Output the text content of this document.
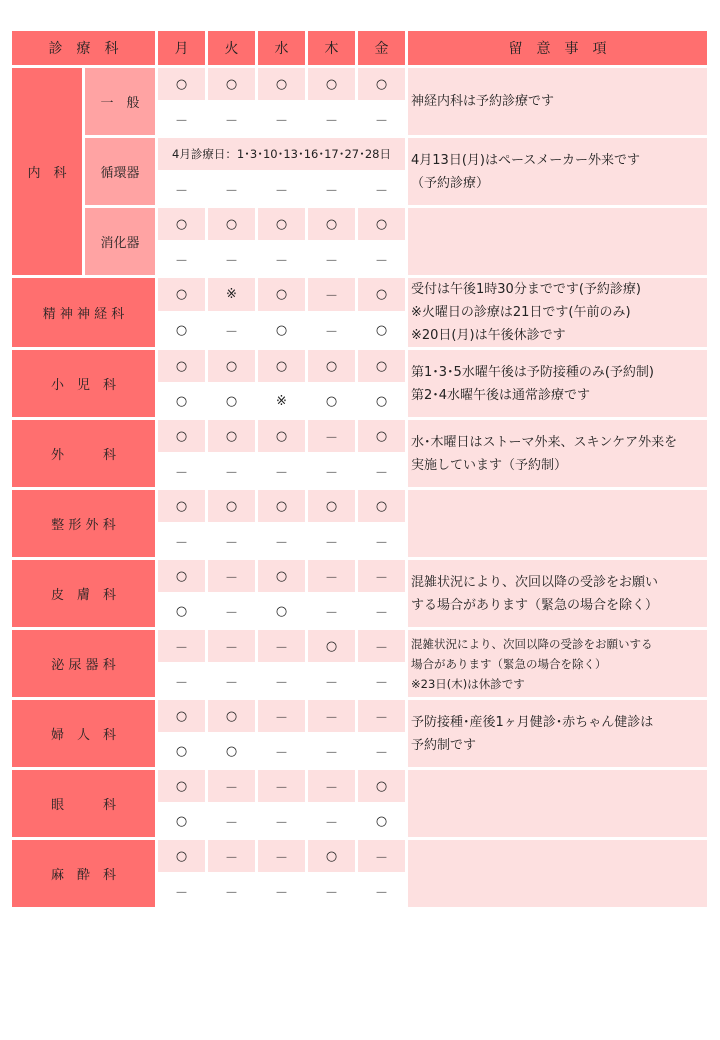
診　療　科		月	火	水	木	金	留　意　事　項
内　科	一　般	○	○	○	○	○	神経内科は予約診療です
		－	－	－	－	－	
	循環器	4月診療日：1･3･10･13･16･17･27･28日					4月13日(月)はペースメーカー外来です
（予約診療）
		－	－	－	－	－	
	消化器	○	○	○	○	○	
		－	－	－	－	－	
精 神 神 経 科		○	※	○	－	○	受付は午後1時30分までです(予約診療)
※火曜日の診療は21日です(午前のみ)
※20日(月)は午後休診です
		○	－	○	－	○	
小　児　科		○	○	○	○	○	第1･3･5水曜午後は予防接種のみ(予約制)
第2･4水曜午後は通常診療です
		○	○	※	○	○	
外　　　科		○	○	○	－	○	水･木曜日はストーマ外来、スキンケア外来を
実施しています（予約制）
		－	－	－	－	－	
整 形 外 科		○	○	○	○	○	
		－	－	－	－	－	
皮　膚　科		○	－	○	－	－	混雑状況により、次回以降の受診をお願い
する場合があります（緊急の場合を除く）
		○	－	○	－	－	
泌 尿 器 科		－	－	－	○	－	混雑状況により、次回以降の受診をお願いする
場合があります（緊急の場合を除く）
※23日(木)は休診です
		－	－	－	－	－	
婦　人　科		○	○	－	－	－	予防接種･産後1ヶ月健診･赤ちゃん健診は
予約制です
		○	○	－	－	－	
眼　　　科		○	－	－	－	○	
		○	－	－	－	○	
麻　酔　科		○	－	－	○	－	
		－	－	－	－	－	
